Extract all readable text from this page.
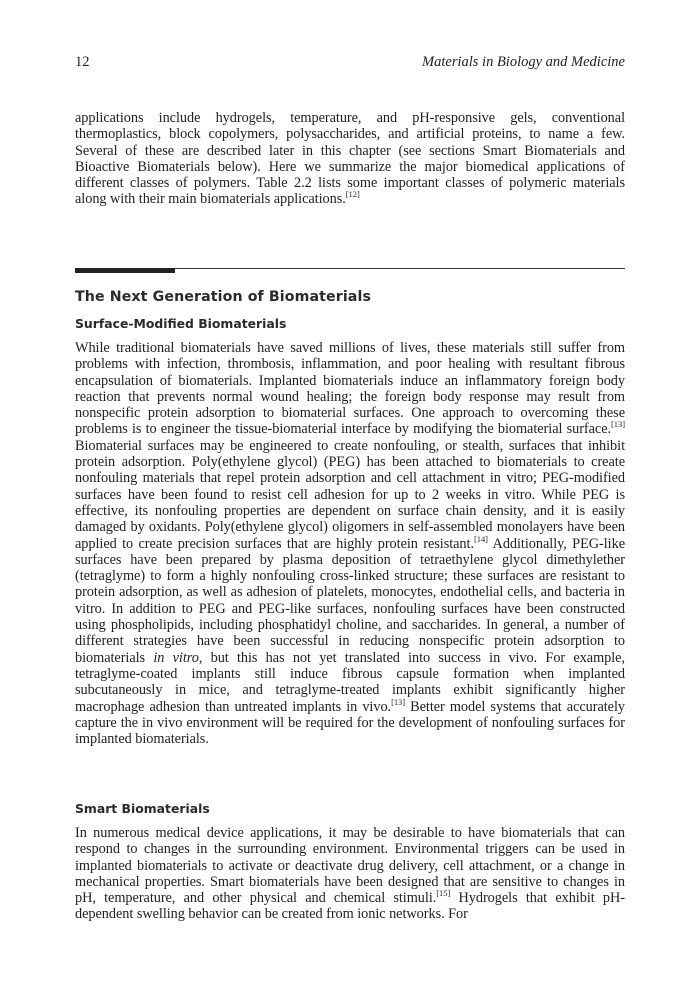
12	Materials in Biology and Medicine

applications include hydrogels, temperature, and pH-responsive gels, conventional thermoplastics, block copolymers, polysaccharides, and artificial proteins, to name a few. Several of these are described later in this chapter (see sections Smart Biomaterials and Bioactive Biomaterials below). Here we summarize the major biomedical applications of different classes of polymers. Table 2.2 lists some important classes of polymeric materials along with their main biomaterials applications.[12]

The Next Generation of Biomaterials
Surface-Modified Biomaterials

While traditional biomaterials have saved millions of lives, these materials still suffer from problems with infection, thrombosis, inflammation, and poor healing with resultant fibrous encapsulation of biomaterials. Implanted biomaterials induce an inflammatory foreign body reaction that prevents normal wound healing; the foreign body response may result from nonspecific protein adsorption to biomaterial surfaces. One approach to overcoming these problems is to engineer the tissue-biomaterial interface by modifying the biomaterial surface.[13] Biomaterial surfaces may be engineered to create nonfouling, or stealth, surfaces that inhibit protein adsorption. Poly(ethylene glycol) (PEG) has been attached to biomaterials to create nonfouling materials that repel protein adsorption and cell attachment in vitro; PEG-modified surfaces have been found to resist cell adhesion for up to 2 weeks in vitro. While PEG is effective, its nonfouling properties are dependent on surface chain density, and it is easily damaged by oxidants. Poly(ethylene glycol) oligomers in self-assembled monolayers have been applied to create precision surfaces that are highly protein resistant.[14] Additionally, PEG-like surfaces have been prepared by plasma deposition of tetraethylene glycol dimethylether (tetraglyme) to form a highly nonfouling cross-linked structure; these surfaces are resistant to protein adsorption, as well as adhesion of platelets, monocytes, endothelial cells, and bacteria in vitro. In addition to PEG and PEG-like surfaces, nonfouling surfaces have been constructed using phospholipids, including phosphatidyl choline, and saccharides. In general, a number of different strategies have been successful in reducing nonspecific protein adsorption to biomaterials in vitro, but this has not yet translated into success in vivo. For example, tetraglyme-coated implants still induce fibrous capsule formation when implanted subcutaneously in mice, and tetraglyme-treated implants exhibit significantly higher macrophage adhesion than untreated implants in vivo.[13] Better model systems that accurately capture the in vivo environment will be required for the development of nonfouling surfaces for implanted biomaterials.

Smart Biomaterials

In numerous medical device applications, it may be desirable to have biomaterials that can respond to changes in the surrounding environment. Environmental triggers can be used in implanted biomaterials to activate or deactivate drug delivery, cell attachment, or a change in mechanical properties. Smart biomaterials have been designed that are sensitive to changes in pH, temperature, and other physical and chemical stimuli.[15] Hydrogels that exhibit pH-dependent swelling behavior can be created from ionic networks. For
